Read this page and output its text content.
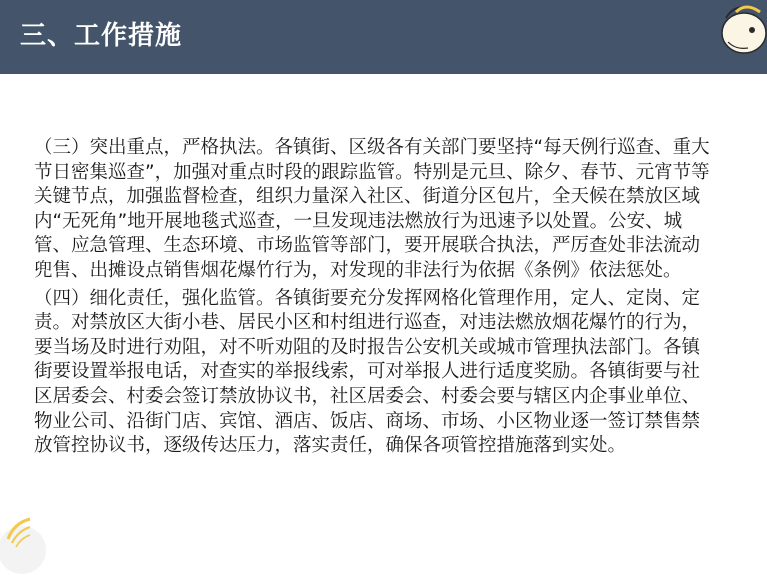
三、工作措施

（三）突出重点，严格执法。各镇街、区级各有关部门要坚持“每天例行巡查、重大节日密集巡查”，加强对重点时段的跟踪监管。特别是元旦、除夕、春节、元宵节等关键节点，加强监督检查，组织力量深入社区、街道分区包片，全天候在禁放区域内“无死角”地开展地毯式巡查，一旦发现违法燃放行为迅速予以处置。公安、城管、应急管理、生态环境、市场监管等部门，要开展联合执法，严厉查处非法流动兜售、出摊设点销售烟花爆竹行为，对发现的非法行为依据《条例》依法惩处。

（四）细化责任，强化监管。各镇街要充分发挥网格化管理作用，定人、定岗、定责。对禁放区大街小巷、居民小区和村组进行巡查，对违法燃放烟花爆竹的行为，要当场及时进行劝阻，对不听劝阻的及时报告公安机关或城市管理执法部门。各镇街要设置举报电话，对查实的举报线索，可对举报人进行适度奖励。各镇街要与社区居委会、村委会签订禁放协议书，社区居委会、村委会要与辖区内企事业单位、物业公司、沿街门店、宾馆、酒店、饭店、商场、市场、小区物业逐一签订禁售禁放管控协议书，逐级传达压力，落实责任，确保各项管控措施落到实处。
